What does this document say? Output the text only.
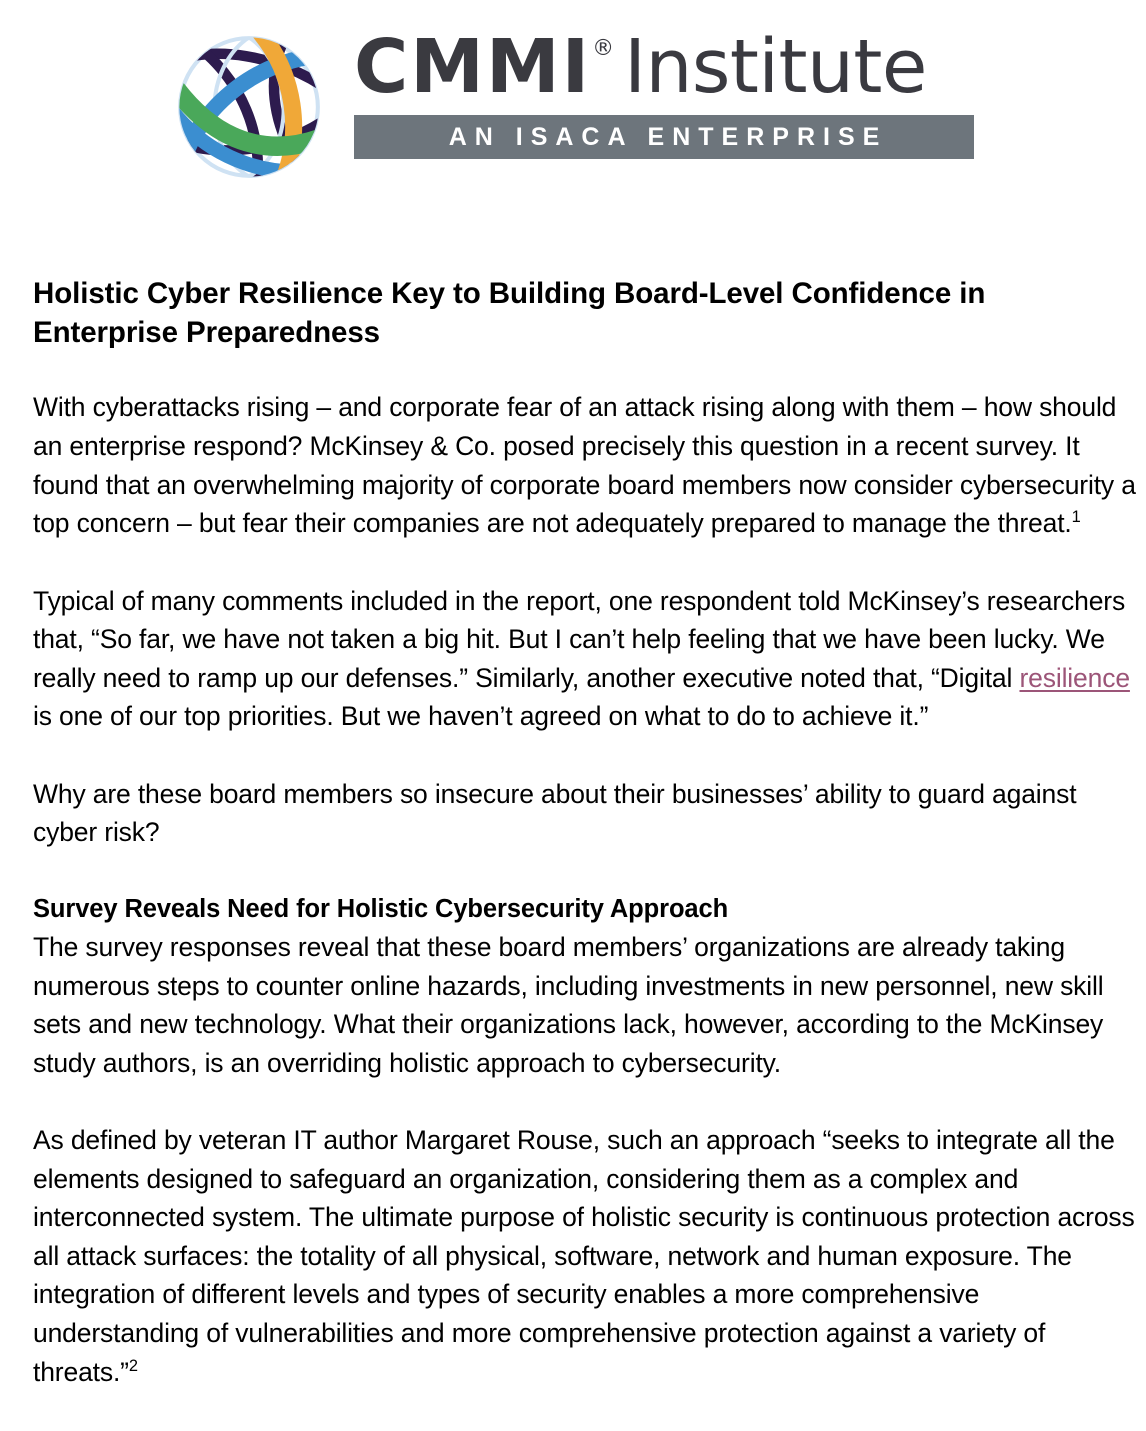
CMMI ® Institute
AN ISACA ENTERPRISE
Holistic Cyber Resilience Key to Building Board-Level Confidence in Enterprise Preparedness

With cyberattacks rising – and corporate fear of an attack rising along with them – how should an enterprise respond? McKinsey & Co. posed precisely this question in a recent survey. It found that an overwhelming majority of corporate board members now consider cybersecurity a top concern – but fear their companies are not adequately prepared to manage the threat.$^1$

Typical of many comments included in the report, one respondent told McKinsey’s researchers that, “So far, we have not taken a big hit. But I can’t help feeling that we have been lucky. We really need to ramp up our defenses.” Similarly, another executive noted that, “Digital resilience is one of our top priorities. But we haven’t agreed on what to do to achieve it.”

Why are these board members so insecure about their businesses’ ability to guard against cyber risk?

Survey Reveals Need for Holistic Cybersecurity Approach

The survey responses reveal that these board members’ organizations are already taking numerous steps to counter online hazards, including investments in new personnel, new skill sets and new technology. What their organizations lack, however, according to the McKinsey study authors, is an overriding holistic approach to cybersecurity.

As defined by veteran IT author Margaret Rouse, such an approach “seeks to integrate all the elements designed to safeguard an organization, considering them as a complex and interconnected system. The ultimate purpose of holistic security is continuous protection across all attack surfaces: the totality of all physical, software, network and human exposure. The integration of different levels and types of security enables a more comprehensive understanding of vulnerabilities and more comprehensive protection against a variety of threats.”$^2$
